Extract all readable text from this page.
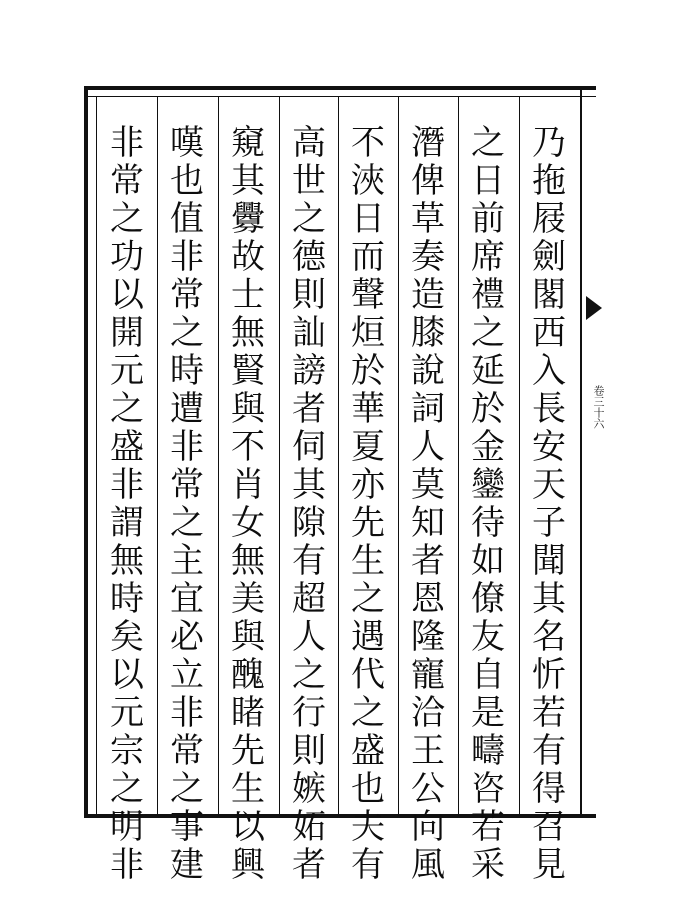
卷三十六
乃
拖
屐
劍
閣
西
入
長
安
天
子
聞
其
名
忻
若
有
得
召
見
之
日
前
席
禮
之
延
於
金
鑾
待
如
僚
友
自
是
疇
咨
若
采
潛
俾
草
奏
造
膝
說
詞
人
莫
知
者
恩
隆
寵
洽
王
公
向
風
不
浹
日
而
聲
烜
於
華
夏
亦
先
生
之
遇
代
之
盛
也
夫
有
高
世
之
德
則
訕
謗
者
伺
其
隙
有
超
人
之
行
則
嫉
妬
者
窺
其
釁
故
士
無
賢
與
不
肖
女
無
美
與
醜
睹
先
生
以
興
嘆
也
值
非
常
之
時
遭
非
常
之
主
宜
必
立
非
常
之
事
建
非
常
之
功
以
開
元
之
盛
非
謂
無
時
矣
以
元
宗
之
明
非
